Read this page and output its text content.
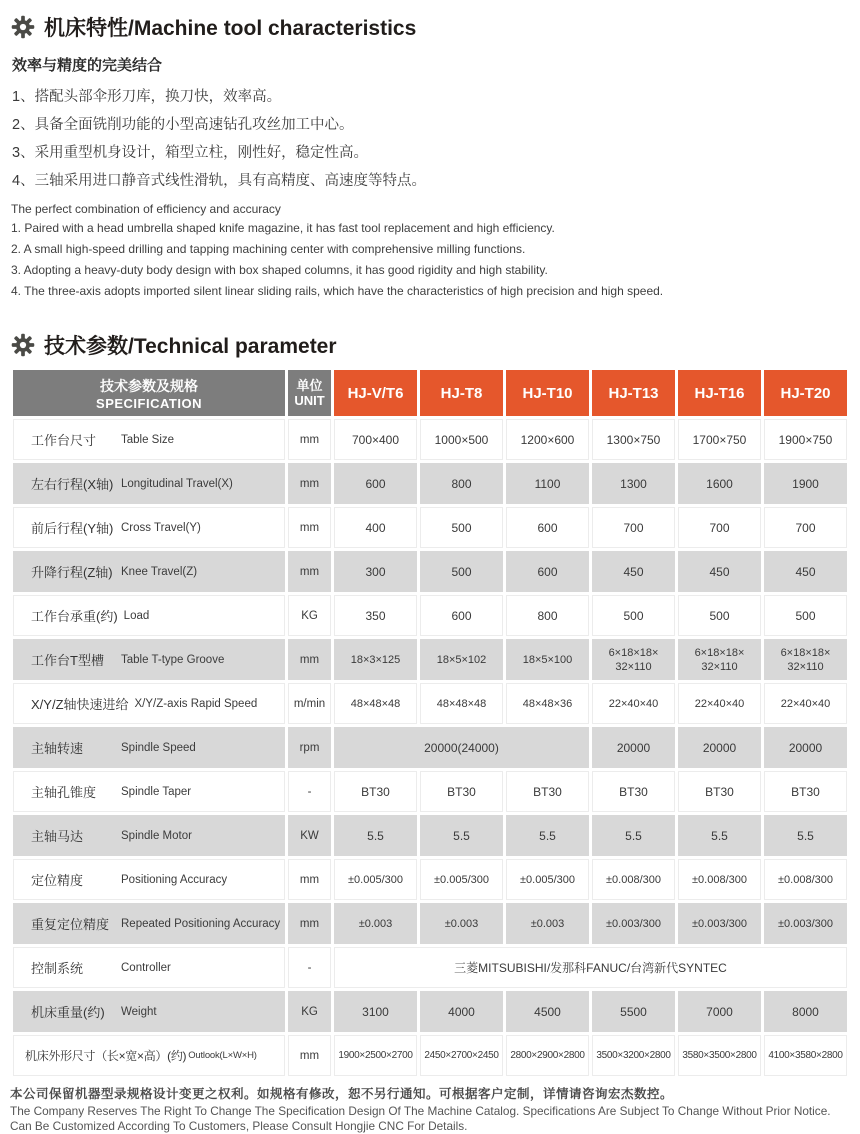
机床特性/Machine tool characteristics
效率与精度的完美结合
1、搭配头部伞形刀库，换刀快，效率高。
2、具备全面铣削功能的小型高速钻孔攻丝加工中心。
3、采用重型机身设计，箱型立柱，刚性好，稳定性高。
4、三轴采用进口静音式线性滑轨，具有高精度、高速度等特点。
The perfect combination of efficiency and accuracy
1. Paired with a head umbrella shaped knife magazine, it has fast tool replacement and high efficiency.
2. A small high-speed drilling and tapping machining center with comprehensive milling functions.
3. Adopting a heavy-duty body design with box shaped columns, it has good rigidity and high stability.
4. The three-axis adopts imported silent linear sliding rails, which have the characteristics of high precision and high speed.
技术参数/Technical parameter
技术参数及规格
SPECIFICATION

单位
UNIT	HJ-V/T6	HJ-T8	HJ-T10	HJ-T13	HJ-T16	HJ-T20

工作台尺寸 Table Size	mm	700×400	1000×500	1200×600	1300×750	1700×750	1900×750

左右行程(X轴) Longitudinal Travel(X)	mm	600	800	1100	1300	1600	1900

前后行程(Y轴) Cross Travel(Y)	mm	400	500	600	700	700	700

升降行程(Z轴) Knee Travel(Z)	mm	300	500	600	450	450	450

工作台承重(约) Load	KG	350	600	800	500	500	500

工作台T型槽 Table T-type Groove	mm	18×3×125	18×5×102	18×5×100	6×18×18× 32×110	6×18×18× 32×110	6×18×18× 32×110

X/Y/Z轴快速进给 X/Y/Z-axis Rapid Speed	m/min	48×48×48	48×48×48	48×48×36	22×40×40	22×40×40	22×40×40

主轴转速 Spindle Speed	rpm	20000(24000)			20000	20000	20000

主轴孔锥度 Spindle Taper	-	BT30	BT30	BT30	BT30	BT30	BT30

主轴马达 Spindle Motor	KW	5.5	5.5	5.5	5.5	5.5	5.5

定位精度 Positioning Accuracy	mm	±0.005/300	±0.005/300	±0.005/300	±0.008/300	±0.008/300	±0.008/300

重复定位精度 Repeated Positioning Accuracy	mm	±0.003	±0.003	±0.003	±0.003/300	±0.003/300	±0.003/300

控制系统 Controller	-	三菱MITSUBISHI/发那科FANUC/台湾新代SYNTEC					

机床重量(约) Weight	KG	3100	4000	4500	5500	7000	8000

机床外形尺寸（长×宽×高）(约) Outlook(L×W×H)	mm	1900×2500×2700	2450×2700×2450	2800×2900×2800	3500×3200×2800	3580×3500×2800	4100×3580×2800
本公司保留机器型录规格设计变更之权利。如规格有修改，恕不另行通知。可根据客户定制，详情请咨询宏杰数控。
The Company Reserves The Right To Change The Specification Design Of The Machine Catalog. Specifications Are Subject To Change Without Prior Notice. Can Be Customized According To Customers, Please Consult Hongjie CNC For Details.
